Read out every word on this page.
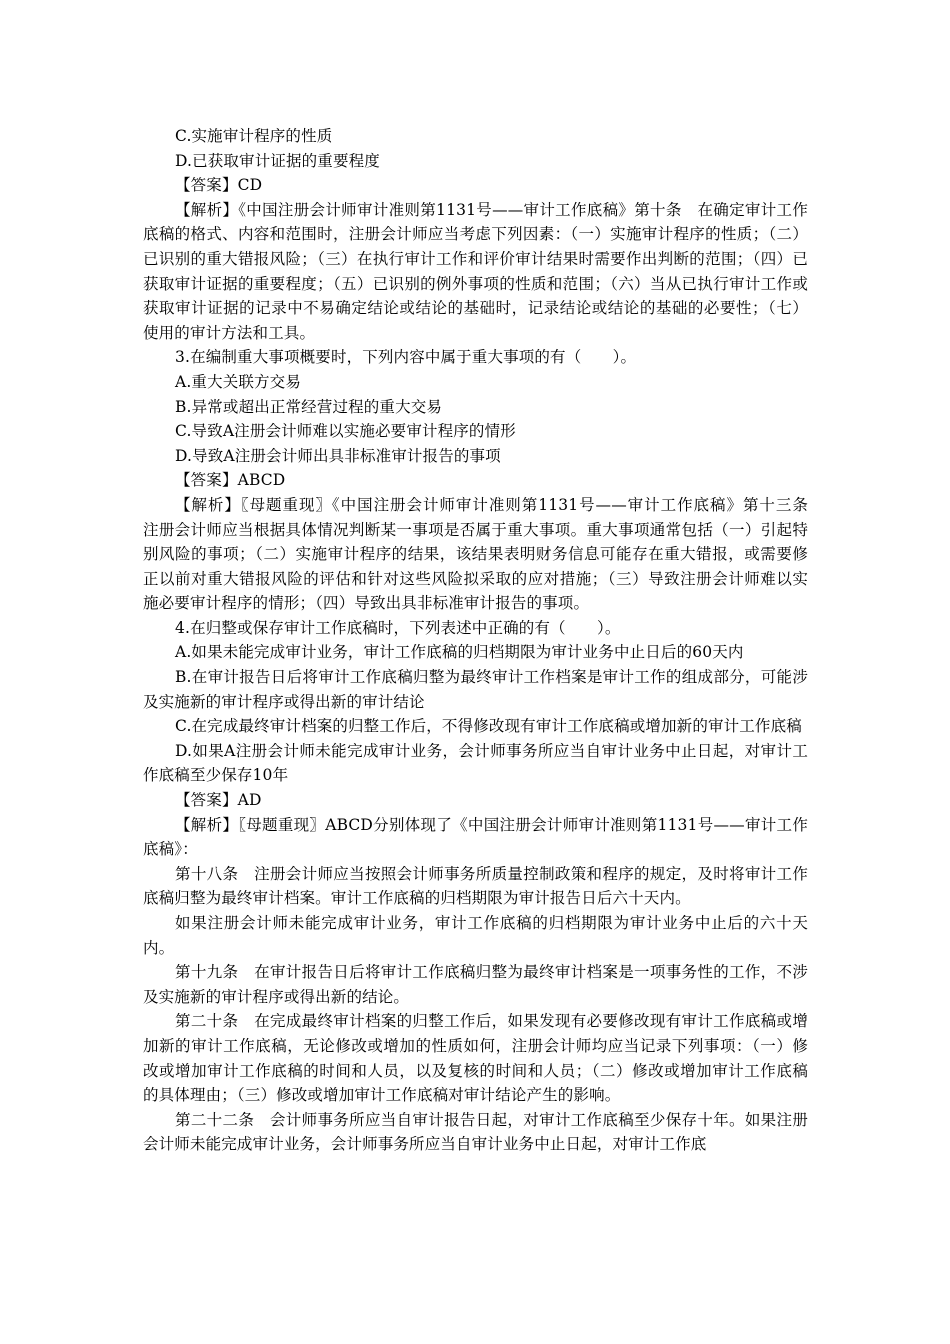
C.实施审计程序的性质

D.已获取审计证据的重要程度

【答案】CD

【解析】《中国注册会计师审计准则第1131号——审计工作底稿》第十条　在确定审计工作底稿的格式、内容和范围时，注册会计师应当考虑下列因素：（一）实施审计程序的性质；（二）已识别的重大错报风险；（三）在执行审计工作和评价审计结果时需要作出判断的范围；（四）已获取审计证据的重要程度；（五）已识别的例外事项的性质和范围；（六）当从已执行审计工作或获取审计证据的记录中不易确定结论或结论的基础时，记录结论或结论的基础的必要性；（七）使用的审计方法和工具。

3.在编制重大事项概要时，下列内容中属于重大事项的有（　　）。

A.重大关联方交易

B.异常或超出正常经营过程的重大交易

C.导致A注册会计师难以实施必要审计程序的情形

D.导致A注册会计师出具非标准审计报告的事项

【答案】ABCD

【解析】〖母题重现〗《中国注册会计师审计准则第1131号——审计工作底稿》第十三条　注册会计师应当根据具体情况判断某一事项是否属于重大事项。重大事项通常包括（一）引起特别风险的事项；（二）实施审计程序的结果，该结果表明财务信息可能存在重大错报，或需要修正以前对重大错报风险的评估和针对这些风险拟采取的应对措施；（三）导致注册会计师难以实施必要审计程序的情形；（四）导致出具非标准审计报告的事项。

4.在归整或保存审计工作底稿时，下列表述中正确的有（　　）。

A.如果未能完成审计业务，审计工作底稿的归档期限为审计业务中止日后的60天内

B.在审计报告日后将审计工作底稿归整为最终审计工作档案是审计工作的组成部分，可能涉及实施新的审计程序或得出新的审计结论

C.在完成最终审计档案的归整工作后，不得修改现有审计工作底稿或增加新的审计工作底稿

D.如果A注册会计师未能完成审计业务，会计师事务所应当自审计业务中止日起，对审计工作底稿至少保存10年

【答案】AD

【解析】〖母题重现〗ABCD分别体现了《中国注册会计师审计准则第1131号——审计工作底稿》：

第十八条　注册会计师应当按照会计师事务所质量控制政策和程序的规定，及时将审计工作底稿归整为最终审计档案。审计工作底稿的归档期限为审计报告日后六十天内。

如果注册会计师未能完成审计业务，审计工作底稿的归档期限为审计业务中止后的六十天内。

第十九条　在审计报告日后将审计工作底稿归整为最终审计档案是一项事务性的工作，不涉及实施新的审计程序或得出新的结论。

第二十条　在完成最终审计档案的归整工作后，如果发现有必要修改现有审计工作底稿或增加新的审计工作底稿，无论修改或增加的性质如何，注册会计师均应当记录下列事项：（一）修改或增加审计工作底稿的时间和人员，以及复核的时间和人员；（二）修改或增加审计工作底稿的具体理由；（三）修改或增加审计工作底稿对审计结论产生的影响。

第二十二条　会计师事务所应当自审计报告日起，对审计工作底稿至少保存十年。如果注册会计师未能完成审计业务，会计师事务所应当自审计业务中止日起，对审计工作底
